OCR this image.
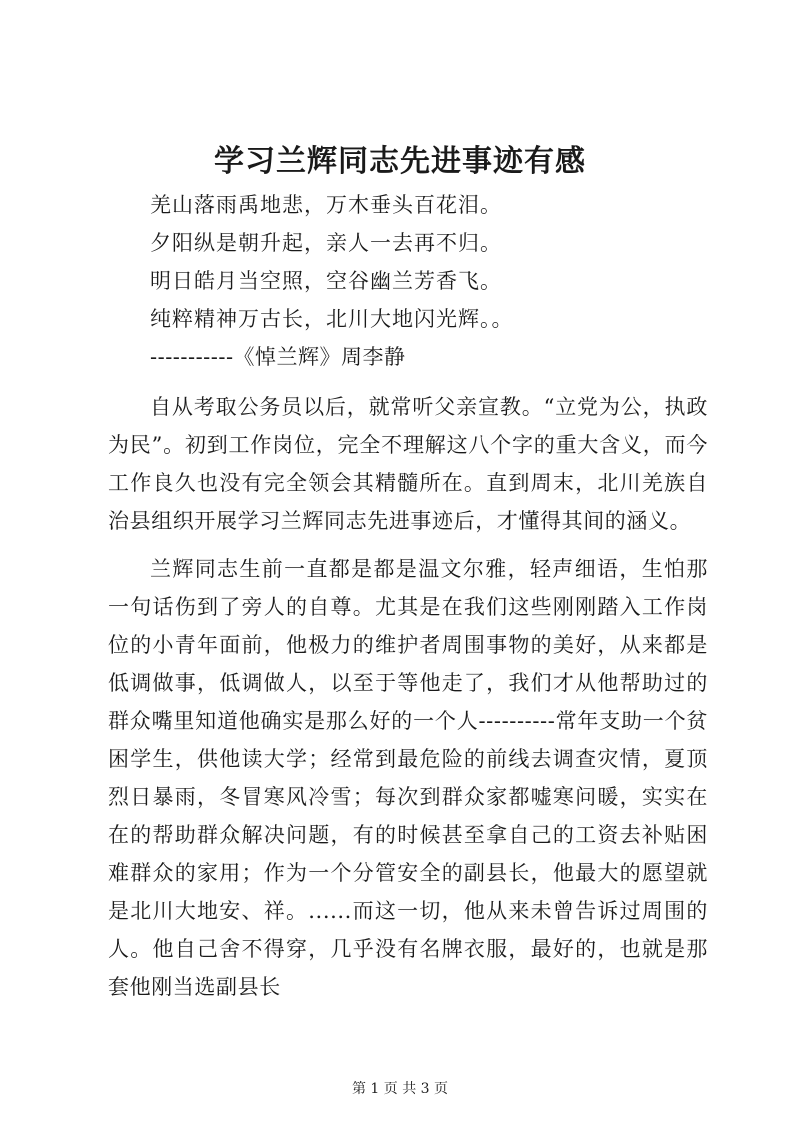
学习兰辉同志先进事迹有感
羌山落雨禹地悲，万木垂头百花泪。
夕阳纵是朝升起，亲人一去再不归。
明日皓月当空照，空谷幽兰芳香飞。
纯粹精神万古长，北川大地闪光辉。。
-----------《悼兰辉》周李静

自从考取公务员以后，就常听父亲宣教。“立党为公，执政为民”。初到工作岗位，完全不理解这八个字的重大含义，而今工作良久也没有完全领会其精髓所在。直到周末，北川羌族自治县组织开展学习兰辉同志先进事迹后，才懂得其间的涵义。

兰辉同志生前一直都是都是温文尔雅，轻声细语，生怕那一句话伤到了旁人的自尊。尤其是在我们这些刚刚踏入工作岗位的小青年面前，他极力的维护者周围事物的美好，从来都是低调做事，低调做人，以至于等他走了，我们才从他帮助过的群众嘴里知道他确实是那么好的一个人----------常年支助一个贫困学生，供他读大学；经常到最危险的前线去调查灾情，夏顶烈日暴雨，冬冒寒风冷雪；每次到群众家都嘘寒问暖，实实在在的帮助群众解决问题，有的时候甚至拿自己的工资去补贴困难群众的家用；作为一个分管安全的副县长，他最大的愿望就是北川大地安、祥。......而这一切，他从来未曾告诉过周围的人。他自己舍不得穿，几乎没有名牌衣服，最好的，也就是那套他刚当选副县长

第 1 页 共 3 页
